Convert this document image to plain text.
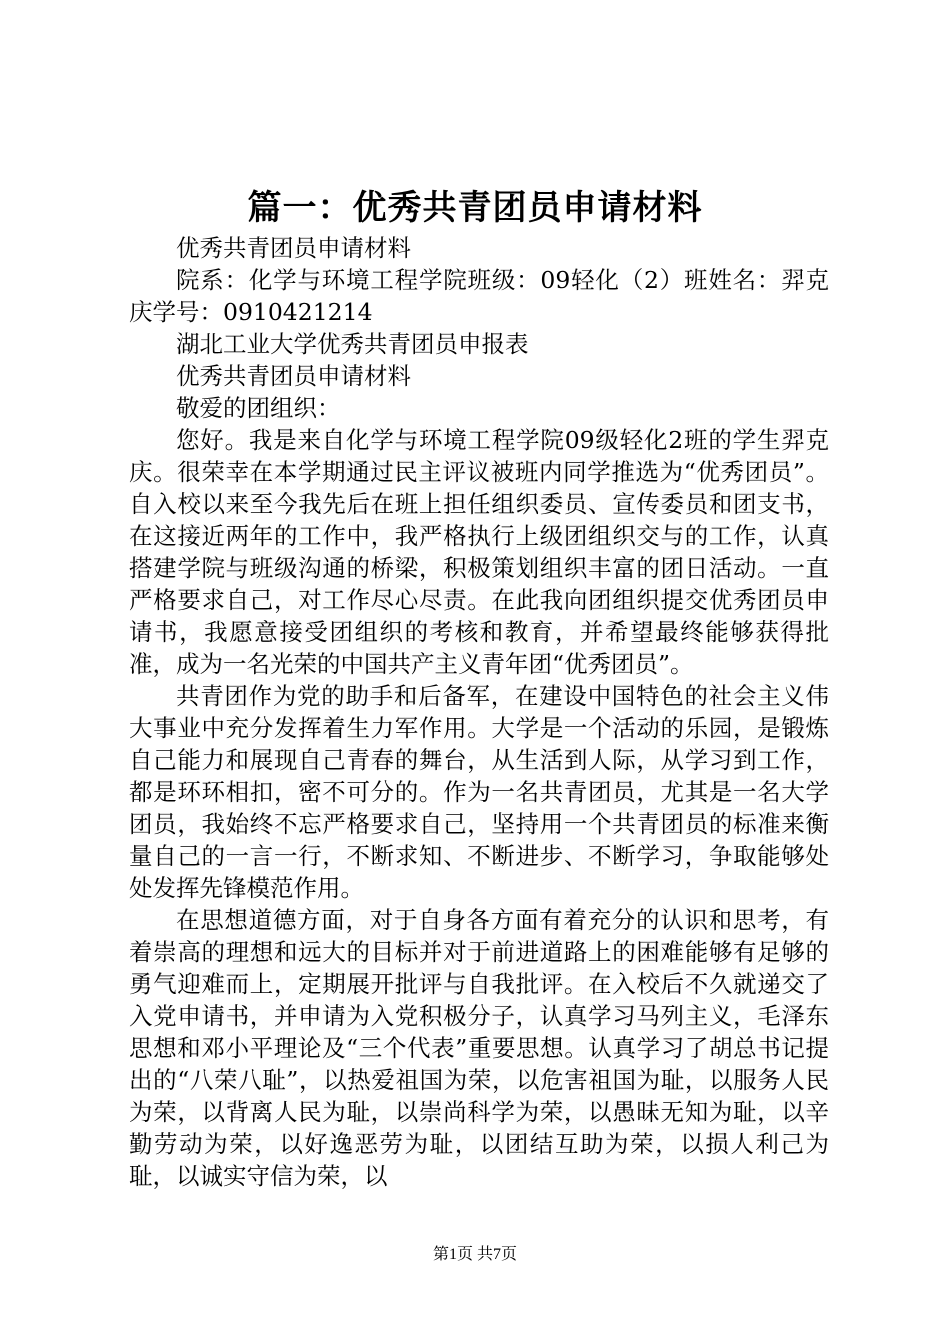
篇一：优秀共青团员申请材料

优秀共青团员申请材料

院系：化学与环境工程学院班级：09轻化（2）班姓名：羿克庆学号：0910421214

湖北工业大学优秀共青团员申报表

优秀共青团员申请材料

敬爱的团组织：

您好。我是来自化学与环境工程学院09级轻化2班的学生羿克庆。很荣幸在本学期通过民主评议被班内同学推选为“优秀团员”。自入校以来至今我先后在班上担任组织委员、宣传委员和团支书，在这接近两年的工作中，我严格执行上级团组织交与的工作，认真搭建学院与班级沟通的桥梁，积极策划组织丰富的团日活动。一直严格要求自己，对工作尽心尽责。在此我向团组织提交优秀团员申请书，我愿意接受团组织的考核和教育，并希望最终能够获得批准，成为一名光荣的中国共产主义青年团“优秀团员”。

共青团作为党的助手和后备军，在建设中国特色的社会主义伟大事业中充分发挥着生力军作用。大学是一个活动的乐园，是锻炼自己能力和展现自己青春的舞台，从生活到人际，从学习到工作，都是环环相扣，密不可分的。作为一名共青团员，尤其是一名大学团员，我始终不忘严格要求自己，坚持用一个共青团员的标准来衡量自己的一言一行，不断求知、不断进步、不断学习，争取能够处处发挥先锋模范作用。

在思想道德方面，对于自身各方面有着充分的认识和思考，有着崇高的理想和远大的目标并对于前进道路上的困难能够有足够的勇气迎难而上，定期展开批评与自我批评。在入校后不久就递交了入党申请书，并申请为入党积极分子，认真学习马列主义，毛泽东思想和邓小平理论及“三个代表”重要思想。认真学习了胡总书记提出的“八荣八耻”，以热爱祖国为荣，以危害祖国为耻，以服务人民为荣，以背离人民为耻，以崇尚科学为荣，以愚昧无知为耻，以辛勤劳动为荣，以好逸恶劳为耻，以团结互助为荣，以损人利己为耻，以诚实守信为荣，以

第1页 共7页
